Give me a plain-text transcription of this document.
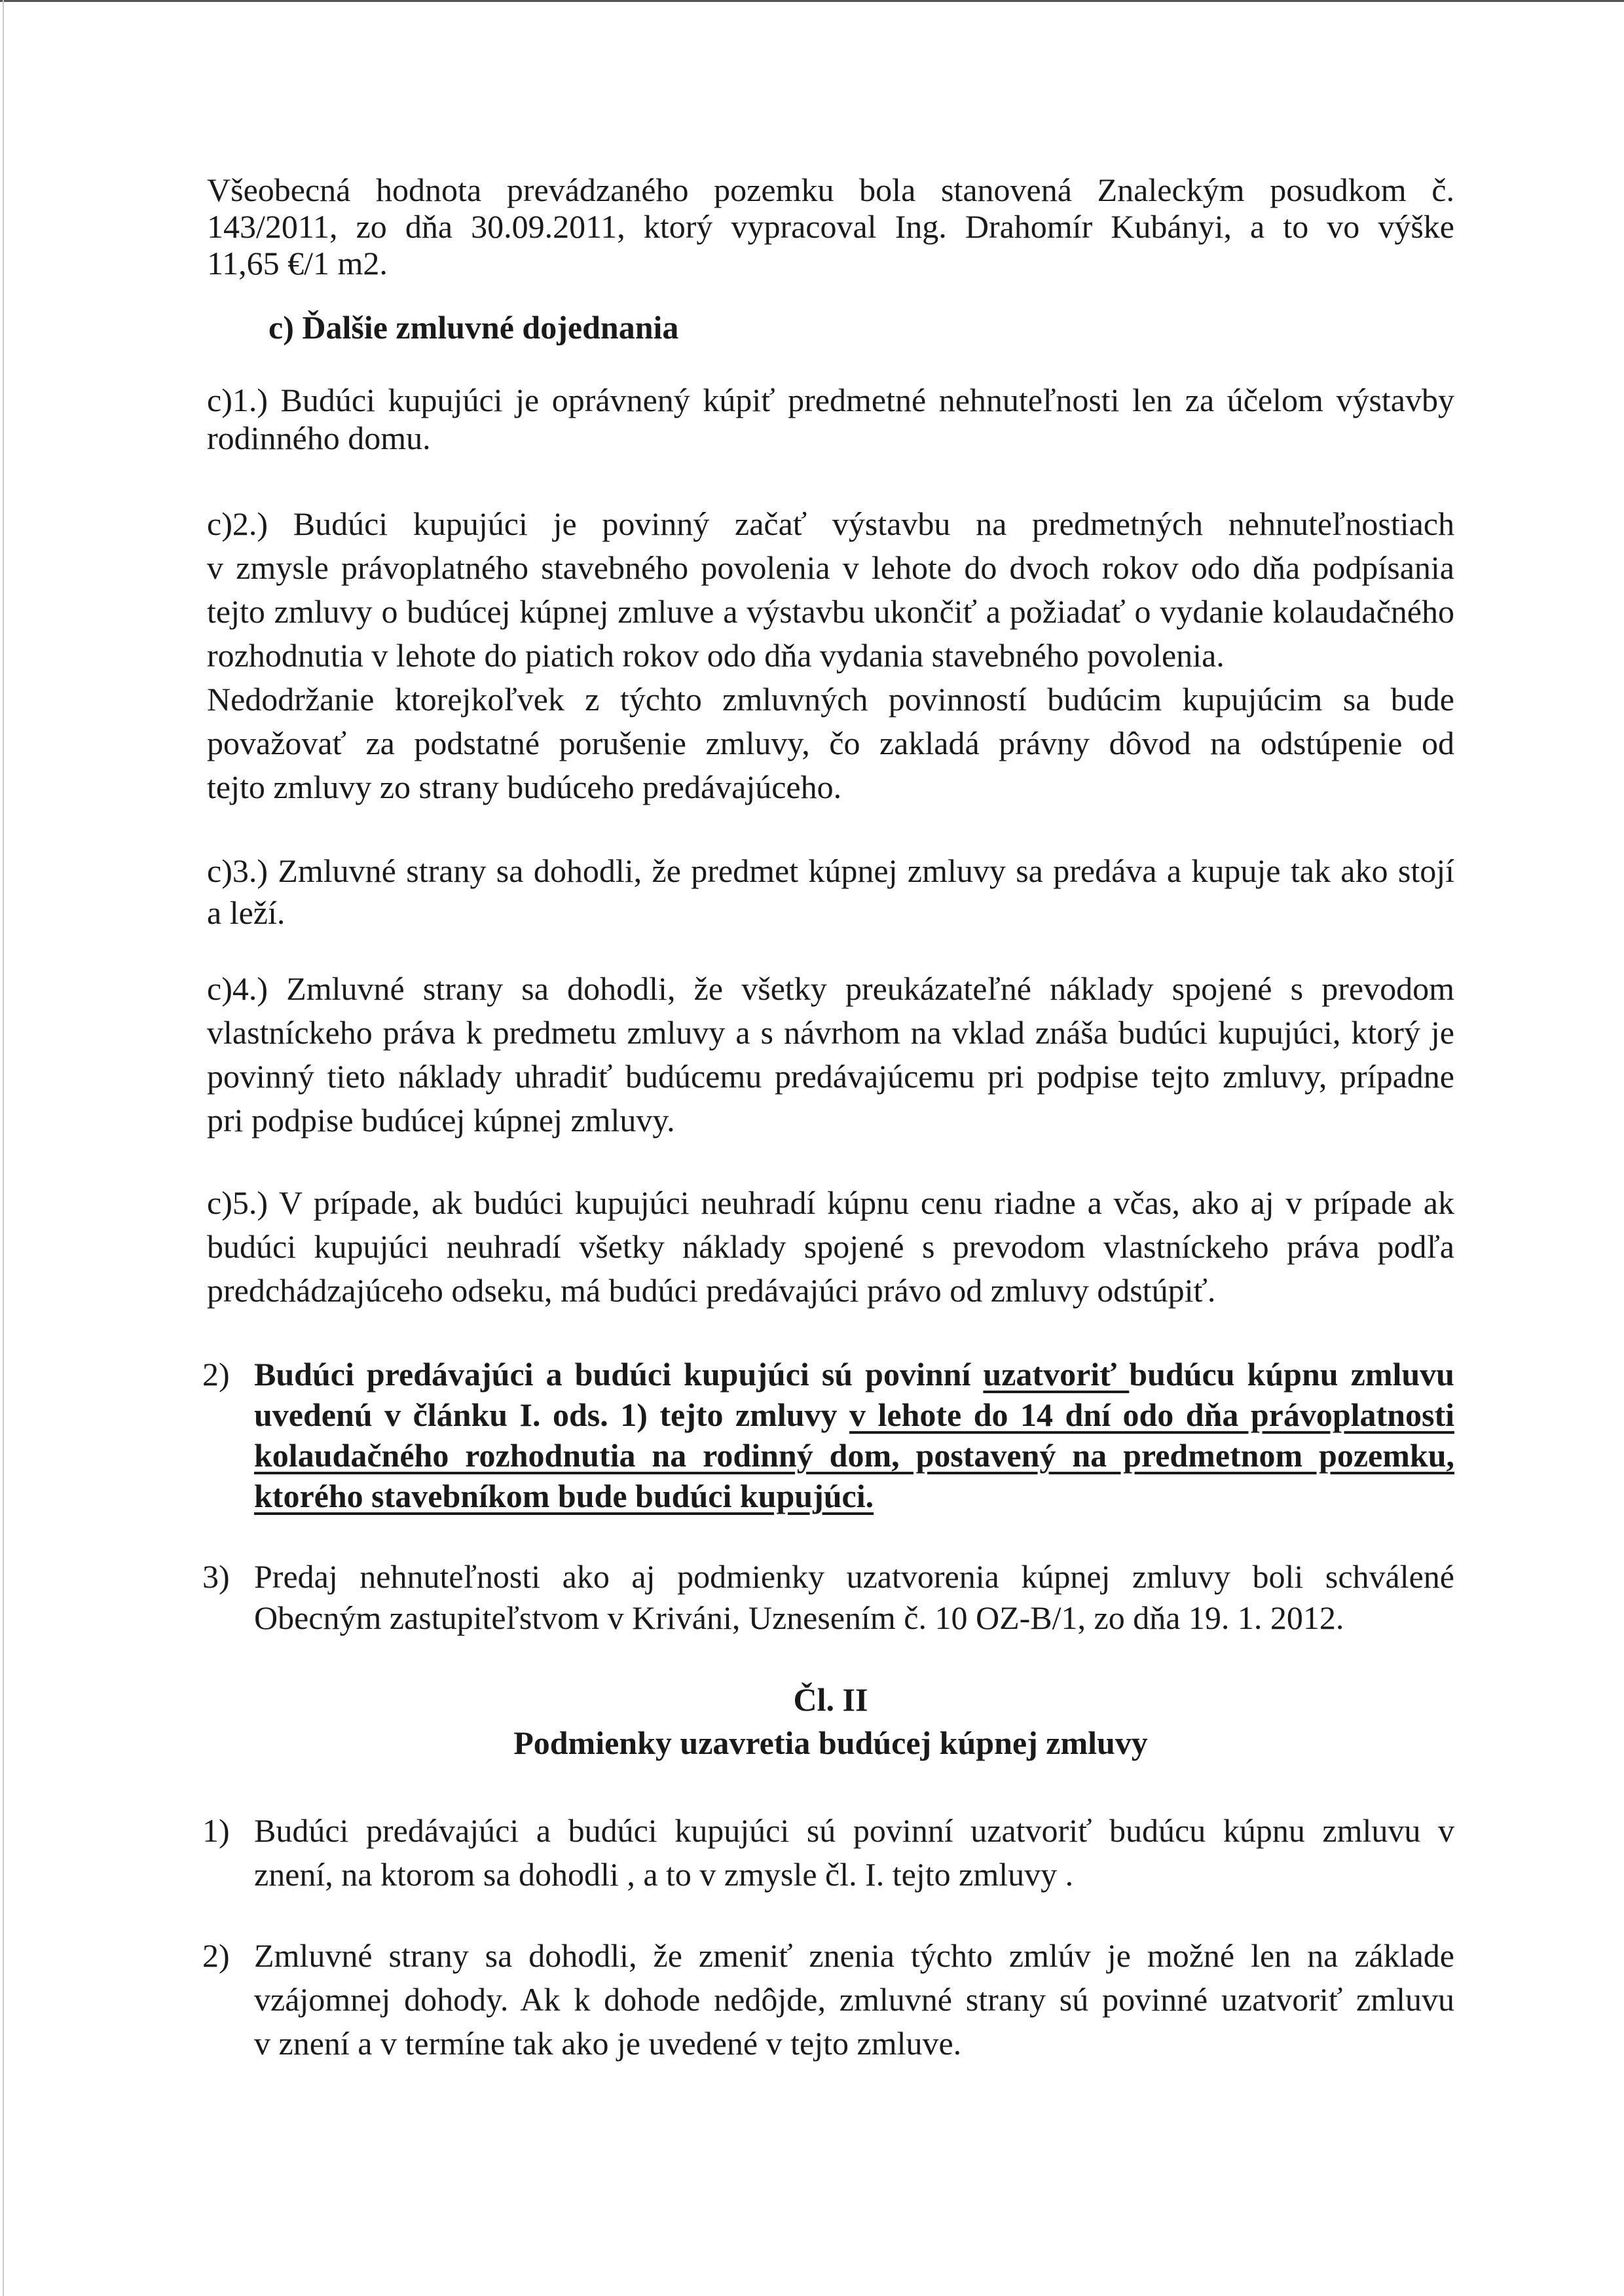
Všeobecná hodnota prevádzaného pozemku bola stanovená Znaleckým posudkom č.
143/2011, zo dňa 30.09.2011, ktorý vypracoval Ing. Drahomír Kubányi, a to vo výške
11,65 €/1 m2.
c) Ďalšie zmluvné dojednania
c)1.) Budúci kupujúci je oprávnený kúpiť predmetné nehnuteľnosti len za účelom výstavby
rodinného domu.
c)2.) Budúci kupujúci je povinný začať výstavbu na predmetných nehnuteľnostiach
v zmysle právoplatného stavebného povolenia v lehote do dvoch rokov odo dňa podpísania
tejto zmluvy o budúcej kúpnej zmluve a výstavbu ukončiť a požiadať o vydanie kolaudačného
rozhodnutia v lehote do piatich rokov odo dňa vydania stavebného povolenia.
Nedodržanie ktorejkoľvek z týchto zmluvných povinností budúcim kupujúcim sa bude
považovať za podstatné porušenie zmluvy, čo zakladá právny dôvod na odstúpenie od
tejto zmluvy zo strany budúceho predávajúceho.
c)3.) Zmluvné strany sa dohodli, že predmet kúpnej zmluvy sa predáva a kupuje tak ako stojí
a leží.
c)4.) Zmluvné strany sa dohodli, že všetky preukázateľné náklady spojené s prevodom
vlastníckeho práva k predmetu zmluvy a s návrhom na vklad znáša budúci kupujúci, ktorý je
povinný tieto náklady uhradiť budúcemu predávajúcemu pri podpise tejto zmluvy, prípadne
pri podpise budúcej kúpnej zmluvy.
c)5.) V prípade, ak budúci kupujúci neuhradí kúpnu cenu riadne a včas, ako aj v prípade ak
budúci kupujúci neuhradí všetky náklady spojené s prevodom vlastníckeho práva podľa
predchádzajúceho odseku, má budúci predávajúci právo od zmluvy odstúpiť.
2) Budúci predávajúci a budúci kupujúci sú povinní uzatvoriť budúcu kúpnu zmluvu
uvedenú v článku I. ods. 1) tejto zmluvy v lehote do 14 dní odo dňa právoplatnosti
kolaudačného rozhodnutia na rodinný dom, postavený na predmetnom pozemku,
ktorého stavebníkom bude budúci kupujúci.
3) Predaj nehnuteľnosti ako aj podmienky uzatvorenia kúpnej zmluvy boli schválené
Obecným zastupiteľstvom v Kriváni, Uznesením č. 10 OZ-B/1, zo dňa 19. 1. 2012.
Čl. II
Podmienky uzavretia budúcej kúpnej zmluvy
1) Budúci predávajúci a budúci kupujúci sú povinní uzatvoriť budúcu kúpnu zmluvu v
znení, na ktorom sa dohodli , a to v zmysle čl. I. tejto zmluvy .
2) Zmluvné strany sa dohodli, že zmeniť znenia týchto zmlúv je možné len na základe
vzájomnej dohody. Ak k dohode nedôjde, zmluvné strany sú povinné uzatvoriť zmluvu
v znení a v termíne tak ako je uvedené v tejto zmluve.
